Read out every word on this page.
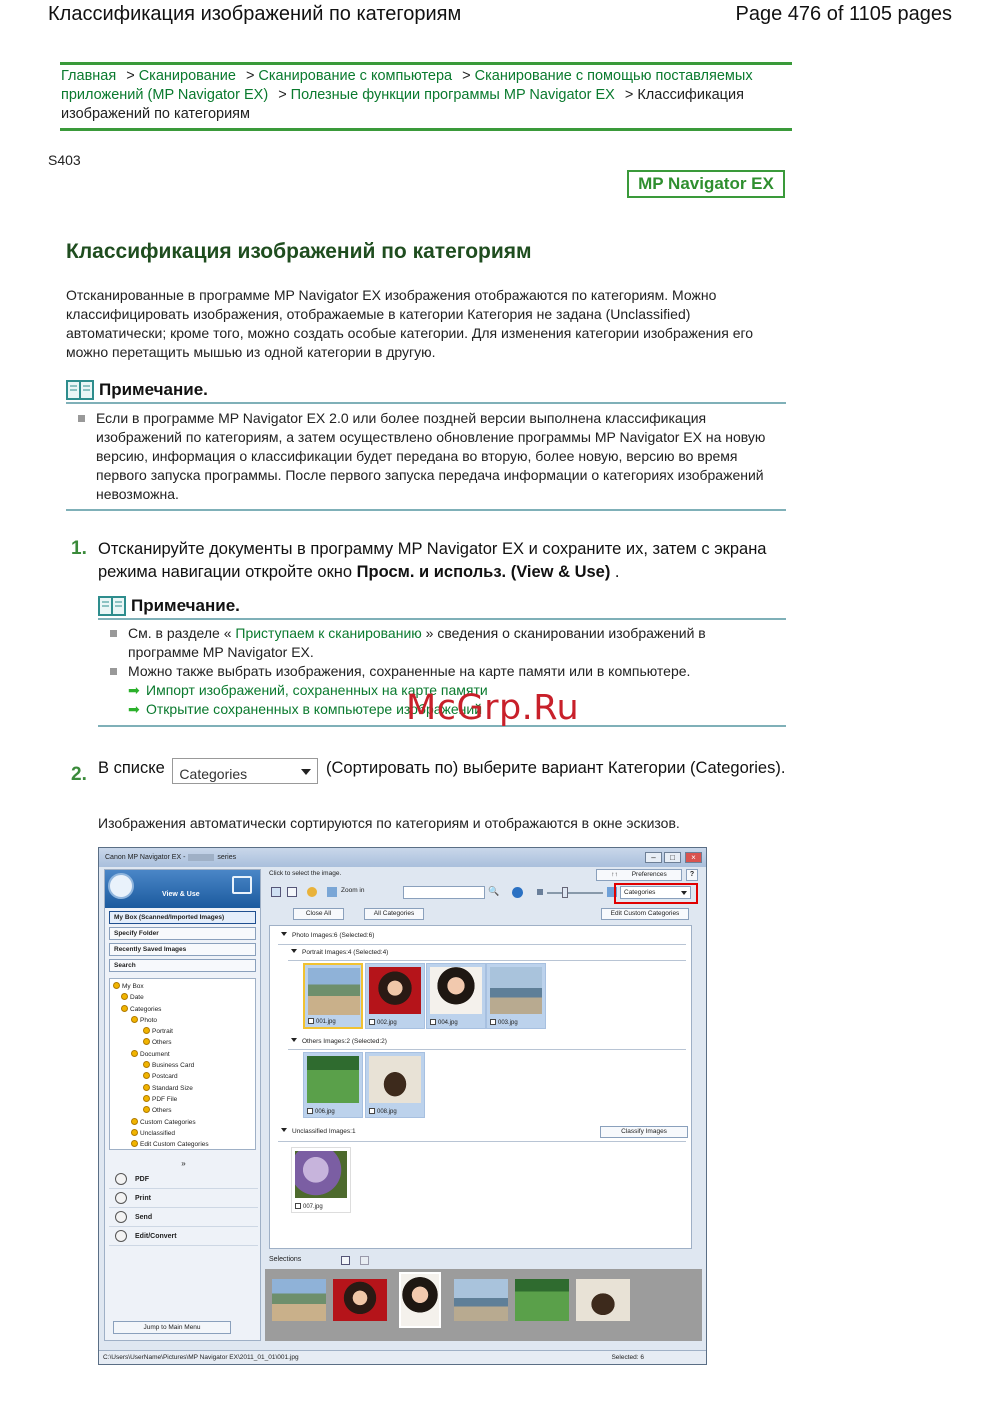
Классификация изображений по категориям	Page 476 of 1105 pages
Главная > Сканирование > Сканирование с компьютера > Сканирование с помощью поставляемых приложений (MP Navigator EX) > Полезные функции программы MP Navigator EX > Классификация изображений по категориям
S403
MP Navigator EX
Классификация изображений по категориям
Отсканированные в программе MP Navigator EX изображения отображаются по категориям. Можно классифицировать изображения, отображаемые в категории Категория не задана (Unclassified) автоматически; кроме того, можно создать особые категории. Для изменения категории изображения его можно перетащить мышью из одной категории в другую.
Примечание.
Если в программе MP Navigator EX 2.0 или более поздней версии выполнена классификация изображений по категориям, а затем осуществлено обновление программы MP Navigator EX на новую версию, информация о классификации будет передана во вторую, более новую, версию во время первого запуска программы. После первого запуска передача информации о категориях изображений невозможна.
1. Отсканируйте документы в программу MP Navigator EX и сохраните их, затем с экрана режима навигации откройте окно Просм. и использ. (View & Use) .
Примечание.
См. в разделе « Приступаем к сканированию » сведения о сканировании изображений в программе MP Navigator EX.
Можно также выбрать изображения, сохраненные на карте памяти или в компьютере.
➡ Импорт изображений, сохраненных на карте памяти
➡ Открытие сохраненных в компьютере изображений
McGrp.Ru
2. В списке Categories	(Сортировать по) выберите вариант Категории (Categories).
Изображения автоматически сортируются по категориям и отображаются в окне эскизов.
Canon MP Navigator EX -	series	–	□	×
View & Use
My Box (Scanned/Imported Images)
Specify Folder
Recently Saved Images
Search
My Box
Date
Categories
Photo
Portrait
Others
Document
Business Card
Postcard
Standard Size
PDF File
Others
Custom Categories
Unclassified
Edit Custom Categories
»
PDF
Print
Send
Edit/Convert
Jump to Main Menu
Click to select the image.	↑↑ Preferences	?
Zoom in	🔍	Categories
Close All	All Categories	Edit Custom Categories
Photo Images:6 (Selected:6)
Portrait Images:4 (Selected:4)
001.jpg	002.jpg	004.jpg	003.jpg
Others Images:2 (Selected:2)
006.jpg	008.jpg
Unclassified Images:1	Classify Images
007.jpg
Selections
C:\Users\UserName\Pictures\MP Navigator EX\2011_01_01\001.jpg	Selected: 6
